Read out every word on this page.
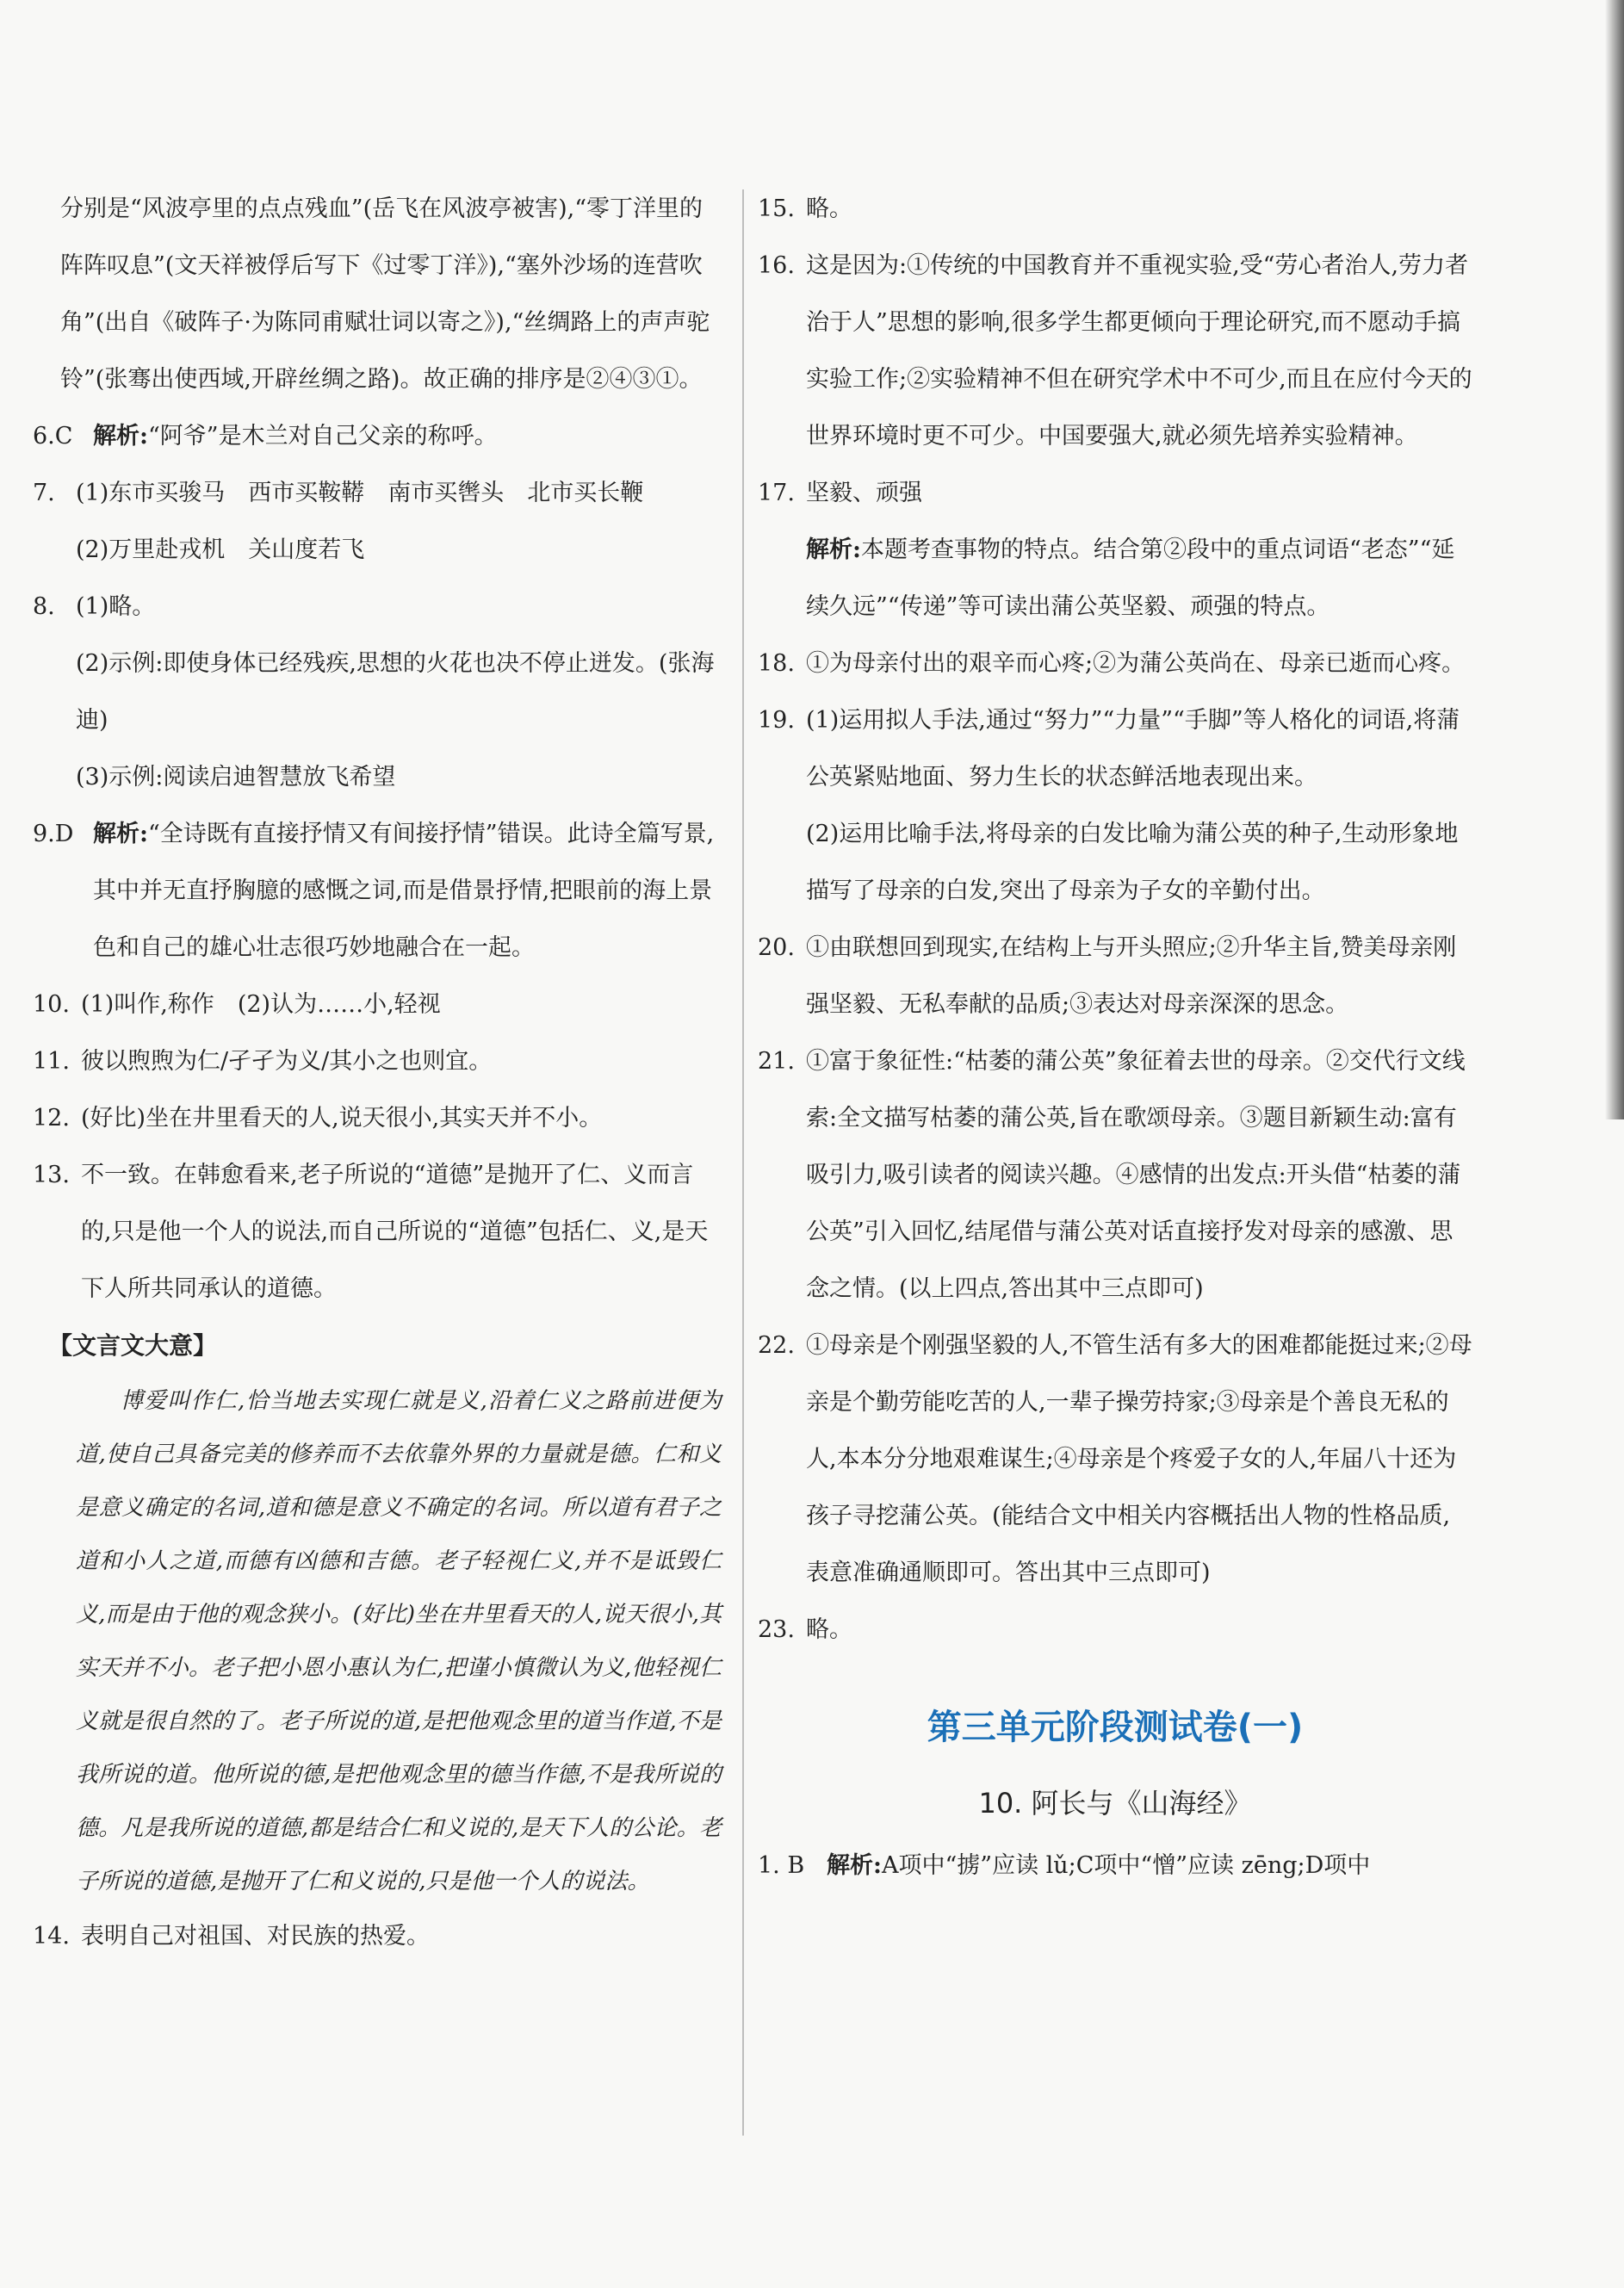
分别是“风波亭里的点点残血”(岳飞在风波亭被害),“零丁洋里的阵阵叹息”(文天祥被俘后写下《过零丁洋》),“塞外沙场的连营吹角”(出自《破阵子·为陈同甫赋壮词以寄之》),“丝绸路上的声声驼铃”(张骞出使西域,开辟丝绸之路)。故正确的排序是②④③①。
6.C 解析:“阿爷”是木兰对自己父亲的称呼。
7. (1)东市买骏马　西市买鞍鞯　南市买辔头　北市买长鞭
(2)万里赴戎机　关山度若飞
8. (1)略。
(2)示例:即使身体已经残疾,思想的火花也决不停止迸发。(张海迪)
(3)示例:阅读启迪智慧放飞希望
9.D 解析:“全诗既有直接抒情又有间接抒情”错误。此诗全篇写景,其中并无直抒胸臆的感慨之词,而是借景抒情,把眼前的海上景色和自己的雄心壮志很巧妙地融合在一起。
10. (1)叫作,称作　(2)认为……小,轻视
11. 彼以煦煦为仁/孑孑为义/其小之也则宜。
12. (好比)坐在井里看天的人,说天很小,其实天并不小。
13. 不一致。在韩愈看来,老子所说的“道德”是抛开了仁、义而言的,只是他一个人的说法,而自己所说的“道德”包括仁、义,是天下人所共同承认的道德。
【文言文大意】

博爱叫作仁,恰当地去实现仁就是义,沿着仁义之路前进便为道,使自己具备完美的修养而不去依靠外界的力量就是德。仁和义是意义确定的名词,道和德是意义不确定的名词。所以道有君子之道和小人之道,而德有凶德和吉德。老子轻视仁义,并不是诋毁仁义,而是由于他的观念狭小。(好比)坐在井里看天的人,说天很小,其实天并不小。老子把小恩小惠认为仁,把谨小慎微认为义,他轻视仁义就是很自然的了。老子所说的道,是把他观念里的道当作道,不是我所说的道。他所说的德,是把他观念里的德当作德,不是我所说的德。凡是我所说的道德,都是结合仁和义说的,是天下人的公论。老子所说的道德,是抛开了仁和义说的,只是他一个人的说法。

14. 表明自己对祖国、对民族的热爱。
15. 略。
16. 这是因为:①传统的中国教育并不重视实验,受“劳心者治人,劳力者治于人”思想的影响,很多学生都更倾向于理论研究,而不愿动手搞实验工作;②实验精神不但在研究学术中不可少,而且在应付今天的世界环境时更不可少。中国要强大,就必须先培养实验精神。
17. 坚毅、顽强
解析:本题考查事物的特点。结合第②段中的重点词语“老态”“延续久远”“传递”等可读出蒲公英坚毅、顽强的特点。
18. ①为母亲付出的艰辛而心疼;②为蒲公英尚在、母亲已逝而心疼。
19. (1)运用拟人手法,通过“努力”“力量”“手脚”等人格化的词语,将蒲公英紧贴地面、努力生长的状态鲜活地表现出来。
(2)运用比喻手法,将母亲的白发比喻为蒲公英的种子,生动形象地描写了母亲的白发,突出了母亲为子女的辛勤付出。
20. ①由联想回到现实,在结构上与开头照应;②升华主旨,赞美母亲刚强坚毅、无私奉献的品质;③表达对母亲深深的思念。
21. ①富于象征性:“枯萎的蒲公英”象征着去世的母亲。②交代行文线索:全文描写枯萎的蒲公英,旨在歌颂母亲。③题目新颖生动:富有吸引力,吸引读者的阅读兴趣。④感情的出发点:开头借“枯萎的蒲公英”引入回忆,结尾借与蒲公英对话直接抒发对母亲的感激、思念之情。(以上四点,答出其中三点即可)
22. ①母亲是个刚强坚毅的人,不管生活有多大的困难都能挺过来;②母亲是个勤劳能吃苦的人,一辈子操劳持家;③母亲是个善良无私的人,本本分分地艰难谋生;④母亲是个疼爱子女的人,年届八十还为孩子寻挖蒲公英。(能结合文中相关内容概括出人物的性格品质,表意准确通顺即可。答出其中三点即可)
23. 略。
第三单元阶段测试卷(一)
10. 阿长与《山海经》
1. B 解析:A项中“掳”应读 lǔ;C项中“憎”应读 zēng;D项中
